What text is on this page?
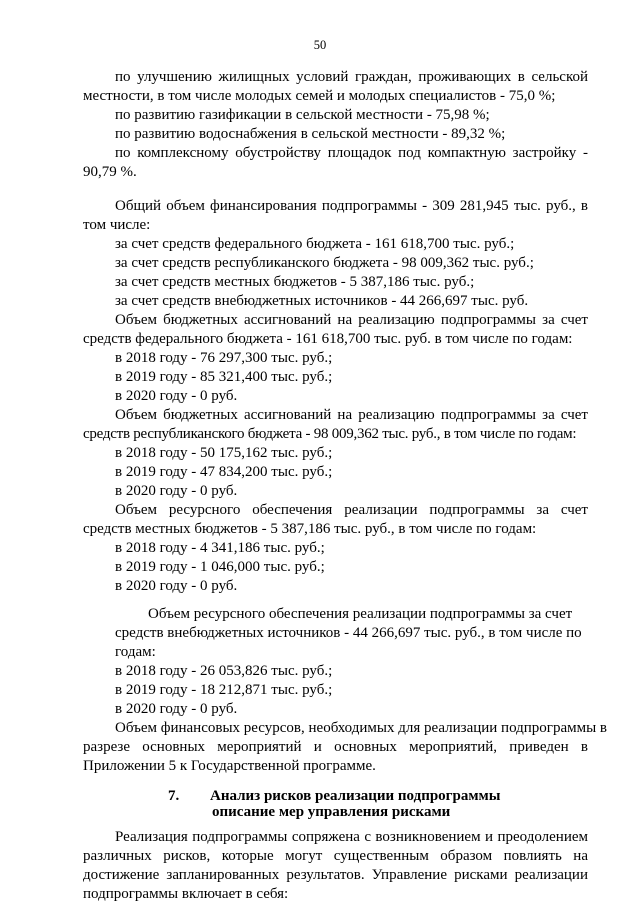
50
по улучшению жилищных условий граждан, проживающих в сельской
местности, в том числе молодых семей и молодых специалистов - 75,0 %;
по развитию газификации в сельской местности - 75,98 %;
по развитию водоснабжения в сельской местности - 89,32 %;
по комплексному обустройству площадок под компактную застройку -
90,79 %.
Общий объем финансирования подпрограммы - 309 281,945 тыс. руб., в
том числе:
за счет средств федерального бюджета - 161 618,700 тыс. руб.;
за счет средств республиканского бюджета - 98 009,362 тыс. руб.;
за счет средств местных бюджетов - 5 387,186 тыс. руб.;
за счет средств внебюджетных источников - 44 266,697 тыс. руб.
Объем бюджетных ассигнований на реализацию подпрограммы за счет
средств федерального бюджета - 161 618,700 тыс. руб. в том числе по годам:
в 2018 году - 76 297,300 тыс. руб.;
в 2019 году - 85 321,400 тыс. руб.;
в 2020 году - 0 руб.
Объем бюджетных ассигнований на реализацию подпрограммы за счет
средств республиканского бюджета - 98 009,362 тыс. руб., в том числе по годам:
в 2018 году - 50 175,162 тыс. руб.;
в 2019 году - 47 834,200 тыс. руб.;
в 2020 году - 0 руб.
Объем ресурсного обеспечения реализации подпрограммы за счет
средств местных бюджетов - 5 387,186 тыс. руб., в том числе по годам:
в 2018 году - 4 341,186 тыс. руб.;
в 2019 году - 1 046,000 тыс. руб.;
в 2020 году - 0 руб.
Объем ресурсного обеспечения реализации подпрограммы за счет
средств внебюджетных источников - 44 266,697 тыс. руб., в том числе по
годам:
в 2018 году - 26 053,826 тыс. руб.;
в 2019 году - 18 212,871 тыс. руб.;
в 2020 году - 0 руб.
Объем финансовых ресурсов, необходимых для реализации подпрограммы в
разрезе основных мероприятий и основных мероприятий, приведен в
Приложении 5 к Государственной программе.
7. Анализ рисков реализации подпрограммы
описание мер управления рисками
Реализация подпрограммы сопряжена с возникновением и преодолением
различных рисков, которые могут существенным образом повлиять на
достижение запланированных результатов. Управление рисками реализации
подпрограммы включает в себя:
